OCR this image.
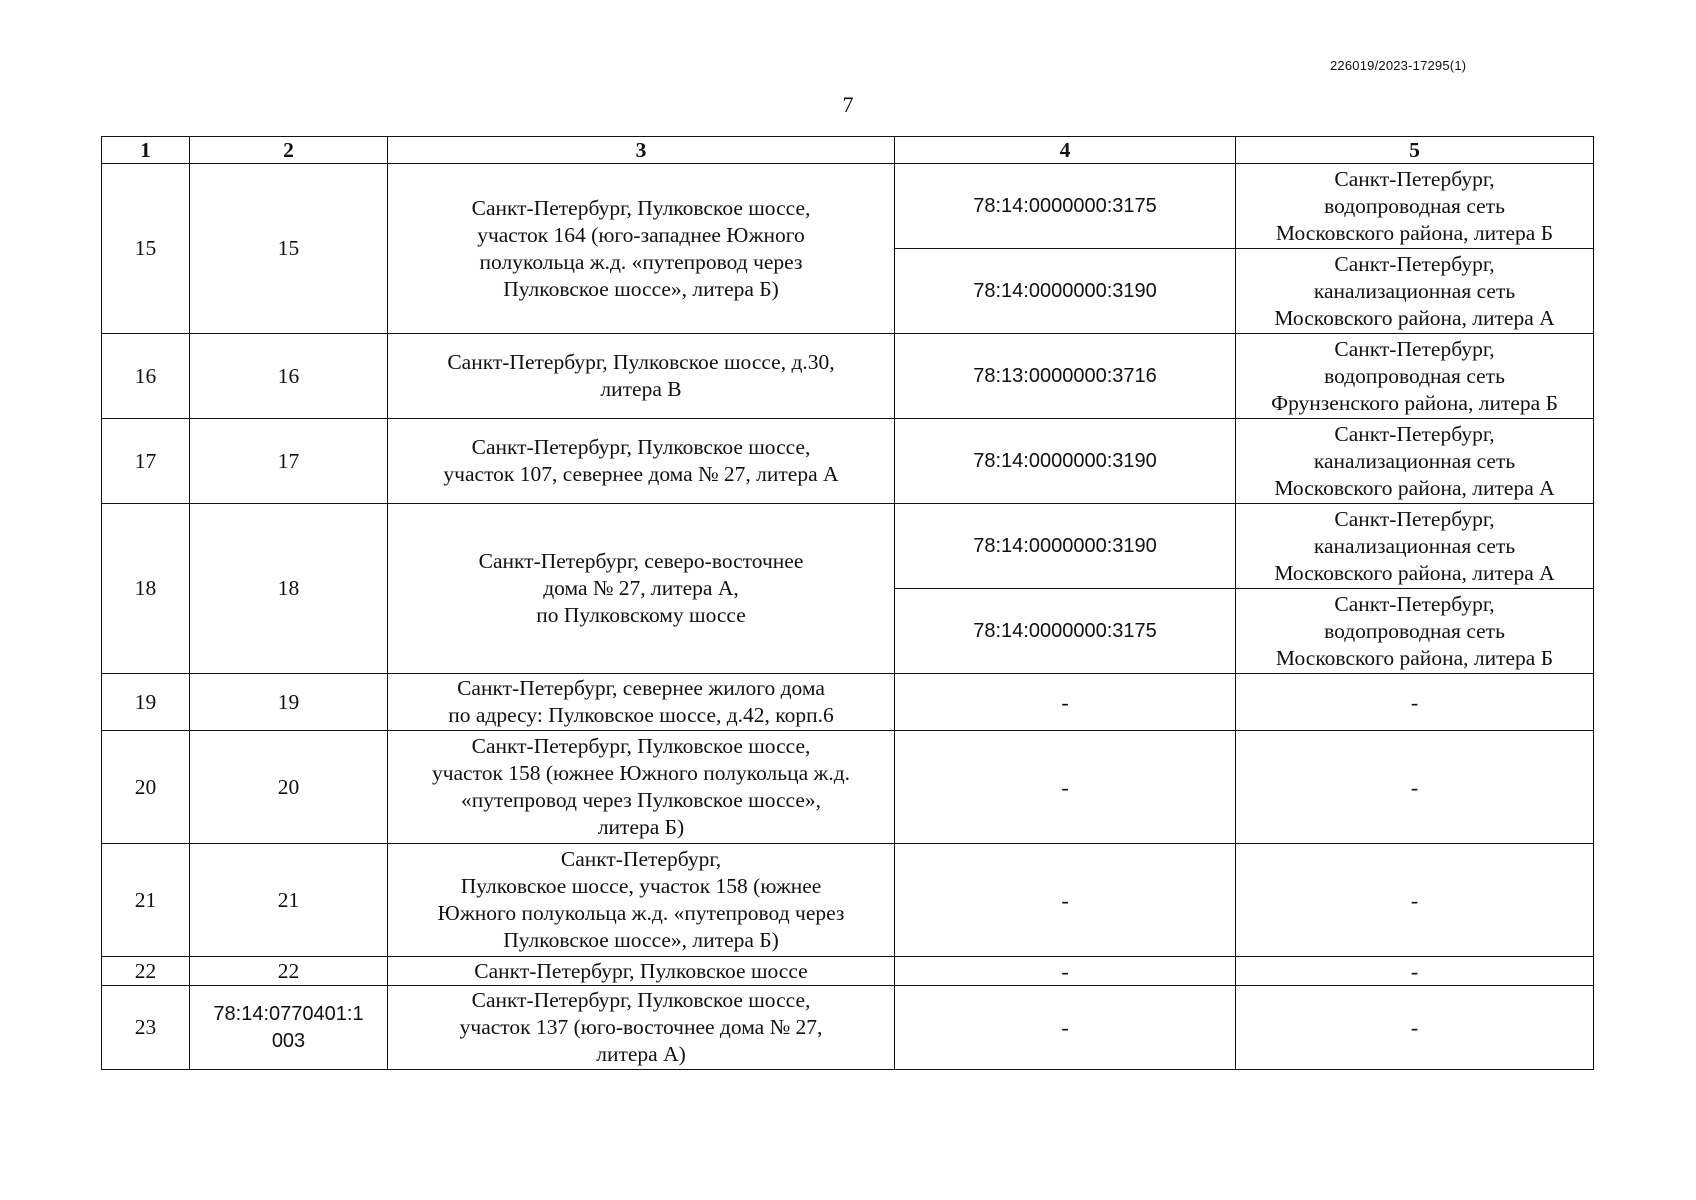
226019/2023-17295(1)
7
1	2	3	4	5
15	15	Санкт-Петербург, Пулковское шоссе,
участок 164 (юго-западнее Южного
полукольца ж.д. «путепровод через
Пулковское шоссе», литера Б)	78:14:0000000:3175	Санкт-Петербург,
водопроводная сеть
Московского района, литера Б
			78:14:0000000:3190	Санкт-Петербург,
канализационная сеть
Московского района, литера А
16	16	Санкт-Петербург, Пулковское шоссе, д.30,
литера В	78:13:0000000:3716	Санкт-Петербург,
водопроводная сеть
Фрунзенского района, литера Б
17	17	Санкт-Петербург, Пулковское шоссе,
участок 107, севернее дома № 27, литера А	78:14:0000000:3190	Санкт-Петербург,
канализационная сеть
Московского района, литера А
18	18	Санкт-Петербург, северо-восточнее
дома № 27, литера А,
по Пулковскому шоссе	78:14:0000000:3190	Санкт-Петербург,
канализационная сеть
Московского района, литера А
			78:14:0000000:3175	Санкт-Петербург,
водопроводная сеть
Московского района, литера Б
19	19	Санкт-Петербург, севернее жилого дома
по адресу: Пулковское шоссе, д.42, корп.6	-	-
20	20	Санкт-Петербург, Пулковское шоссе,
участок 158 (южнее Южного полукольца ж.д.
«путепровод через Пулковское шоссе»,
литера Б)	-	-
21	21	Санкт-Петербург,
Пулковское шоссе, участок 158 (южнее
Южного полукольца ж.д. «путепровод через
Пулковское шоссе», литера Б)	-	-
22	22	Санкт-Петербург, Пулковское шоссе	-	-
23	78:14:0770401:1
003	Санкт-Петербург, Пулковское шоссе,
участок 137 (юго-восточнее дома № 27,
литера А)	-	-
